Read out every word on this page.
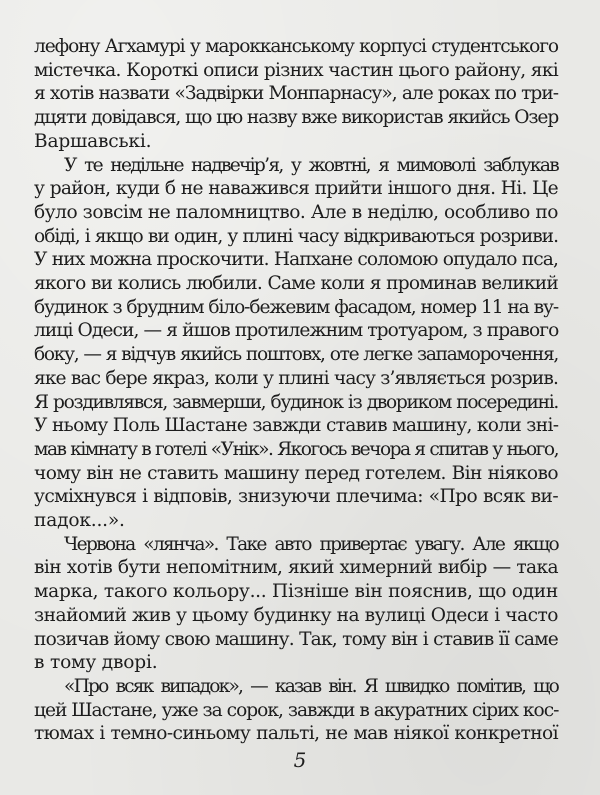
лефону Агхамурі у марокканському корпусі студентського
містечка. Короткі описи різних частин цього району, які
я хотів назвати «Задвірки Монпарнасу», але роках по три-
дцяти довідався, що цю назву вже використав якийсь Озер
Варшавські.
У те недільне надвечір’я, у жовтні, я мимоволі заблукав
у район, куди б не наважився прийти іншого дня. Ні. Це
було зовсім не паломництво. Але в неділю, особливо по
обіді, і якщо ви один, у плині часу відкриваються розриви.
У них можна проскочити. Напхане соломою опудало пса,
якого ви колись любили. Саме коли я проминав великий
будинок з брудним біло-бежевим фасадом, номер 11 на ву-
лиці Одеси, — я йшов протилежним тротуаром, з правого
боку, — я відчув якийсь поштовх, оте легке запаморочення,
яке вас бере якраз, коли у плині часу з’являється розрив.
Я роздивлявся, завмерши, будинок із двориком посередині.
У ньому Поль Шастане завжди ставив машину, коли зні-
мав кімнату в готелі «Унік». Якогось вечора я спитав у нього,
чому він не ставить машину перед готелем. Він ніяково
усміхнувся і відповів, знизуючи плечима: «Про всяк ви-
падок...».
Червона «лянча». Таке авто привертає увагу. Але якщо
він хотів бути непомітним, який химерний вибір — така
марка, такого кольору... Пізніше він пояснив, що один
знайомий жив у цьому будинку на вулиці Одеси і часто
позичав йому свою машину. Так, тому він і ставив її саме
в тому дворі.
«Про всяк випадок», — казав він. Я швидко помітив, що
цей Шастане, уже за сорок, завжди в акуратних сірих кос-
тюмах і темно-синьому пальті, не мав ніякої конкретної
5
